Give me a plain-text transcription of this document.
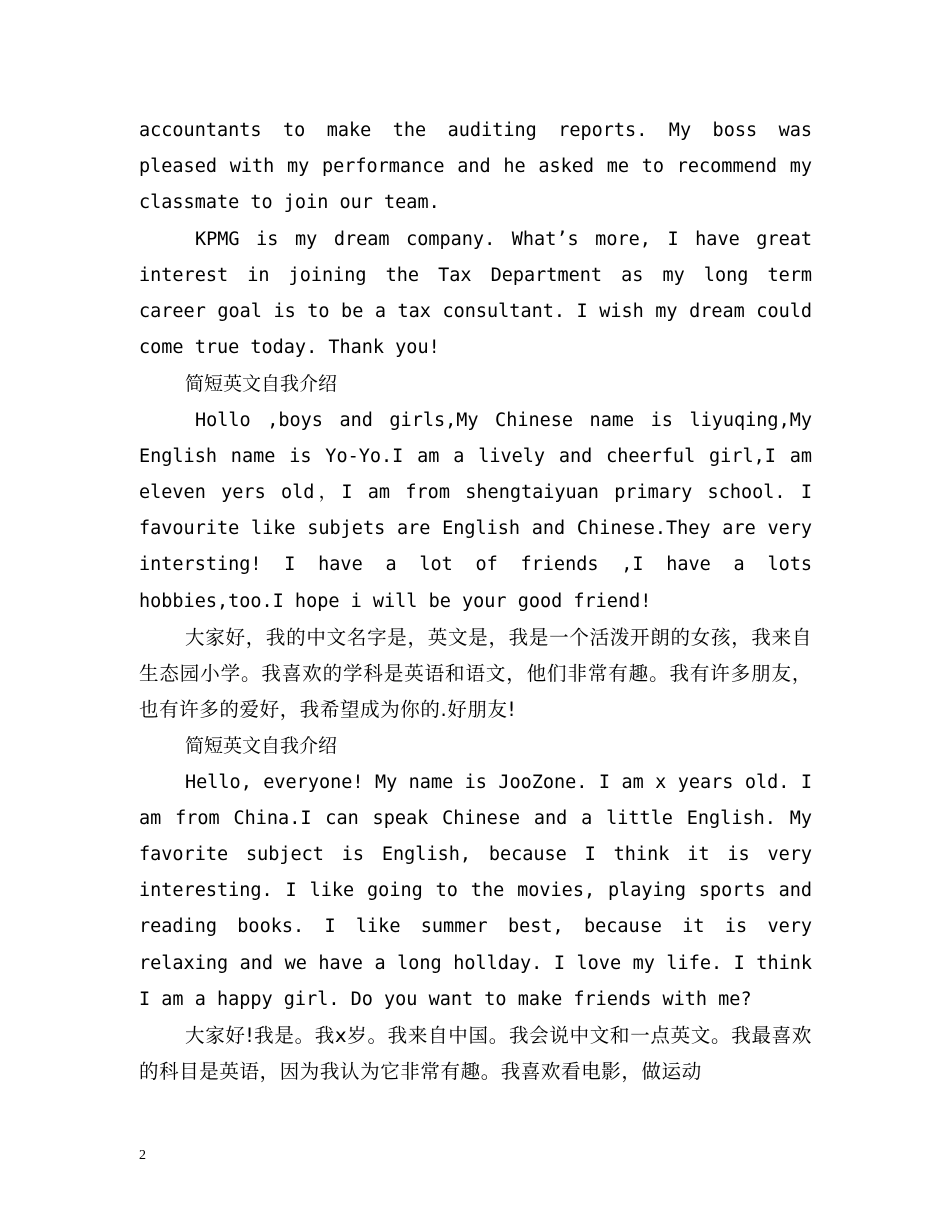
accountants to make the auditing reports. My boss was pleased with my performance and he asked me to recommend my classmate to join our team.

KPMG is my dream company. What’s more, I have great interest in joining the Tax Department as my long term career goal is to be a tax consultant. I wish my dream could come true today. Thank you!

简短英文自我介绍

Hollo ,boys and girls,My Chinese name is liyuqing,My English name is Yo-Yo.I am a lively and cheerful girl,I am eleven yers old，I am from shengtaiyuan primary school. I favourite like subjets are English and Chinese.They are very intersting! I have a lot of friends ,I have a lots hobbies,too.I hope i will be your good friend!

大家好，我的中文名字是，英文是，我是一个活泼开朗的女孩，我来自生态园小学。我喜欢的学科是英语和语文，他们非常有趣。我有许多朋友，也有许多的爱好，我希望成为你的.好朋友!

简短英文自我介绍

Hello, everyone! My name is JooZone. I am x years old. I am from China.I can speak Chinese and a little English. My favorite subject is English, because I think it is very interesting. I like going to the movies, playing sports and reading books. I like summer best, because it is very relaxing and we have a long hollday. I love my life. I think I am a happy girl. Do you want to make friends with me?

大家好!我是。我x岁。我来自中国。我会说中文和一点英文。我最喜欢的科目是英语，因为我认为它非常有趣。我喜欢看电影，做运动

2
